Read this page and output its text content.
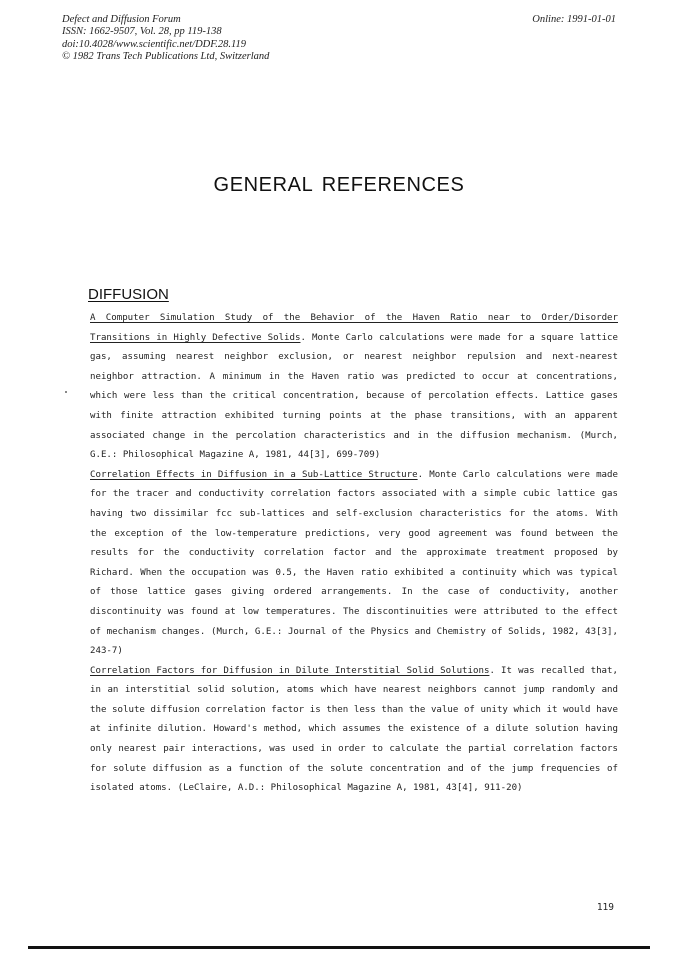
Defect and Diffusion Forum
ISSN: 1662-9507, Vol. 28, pp 119-138
doi:10.4028/www.scientific.net/DDF.28.119
© 1982 Trans Tech Publications Ltd, Switzerland
Online: 1991-01-01
GENERAL REFERENCES
DIFFUSION

A Computer Simulation Study of the Behavior of the Haven Ratio near to Order/Disorder Transitions in Highly Defective Solids. Monte Carlo calculations were made for a square lattice gas, assuming nearest neighbor exclusion, or nearest neighbor repulsion and next-nearest neighbor attraction. A minimum in the Haven ratio was predicted to occur at concentrations, which were less than the critical concentration, because of percolation effects. Lattice gases with finite attraction exhibited turning points at the phase transitions, with an apparent associated change in the percolation characteristics and in the diffusion mechanism. (Murch, G.E.: Philosophical Magazine A, 1981, 44[3], 699-709)

Correlation Effects in Diffusion in a Sub-Lattice Structure. Monte Carlo calculations were made for the tracer and conductivity correlation factors associated with a simple cubic lattice gas having two dissimilar fcc sub-lattices and self-exclusion characteristics for the atoms. With the exception of the low-temperature predictions, very good agreement was found between the results for the conductivity correlation factor and the approximate treatment proposed by Richard. When the occupation was 0.5, the Haven ratio exhibited a continuity which was typical of those lattice gases giving ordered arrangements. In the case of conductivity, another discontinuity was found at low temperatures. The discontinuities were attributed to the effect of mechanism changes. (Murch, G.E.: Journal of the Physics and Chemistry of Solids, 1982, 43[3], 243-7)

Correlation Factors for Diffusion in Dilute Interstitial Solid Solutions. It was recalled that, in an interstitial solid solution, atoms which have nearest neighbors cannot jump randomly and the solute diffusion correlation factor is then less than the value of unity which it would have at infinite dilution. Howard's method, which assumes the existence of a dilute solution having only nearest pair interactions, was used in order to calculate the partial correlation factors for solute diffusion as a function of the solute concentration and of the jump frequencies of isolated atoms. (LeClaire, A.D.: Philosophical Magazine A, 1981, 43[4], 911-20)

119
